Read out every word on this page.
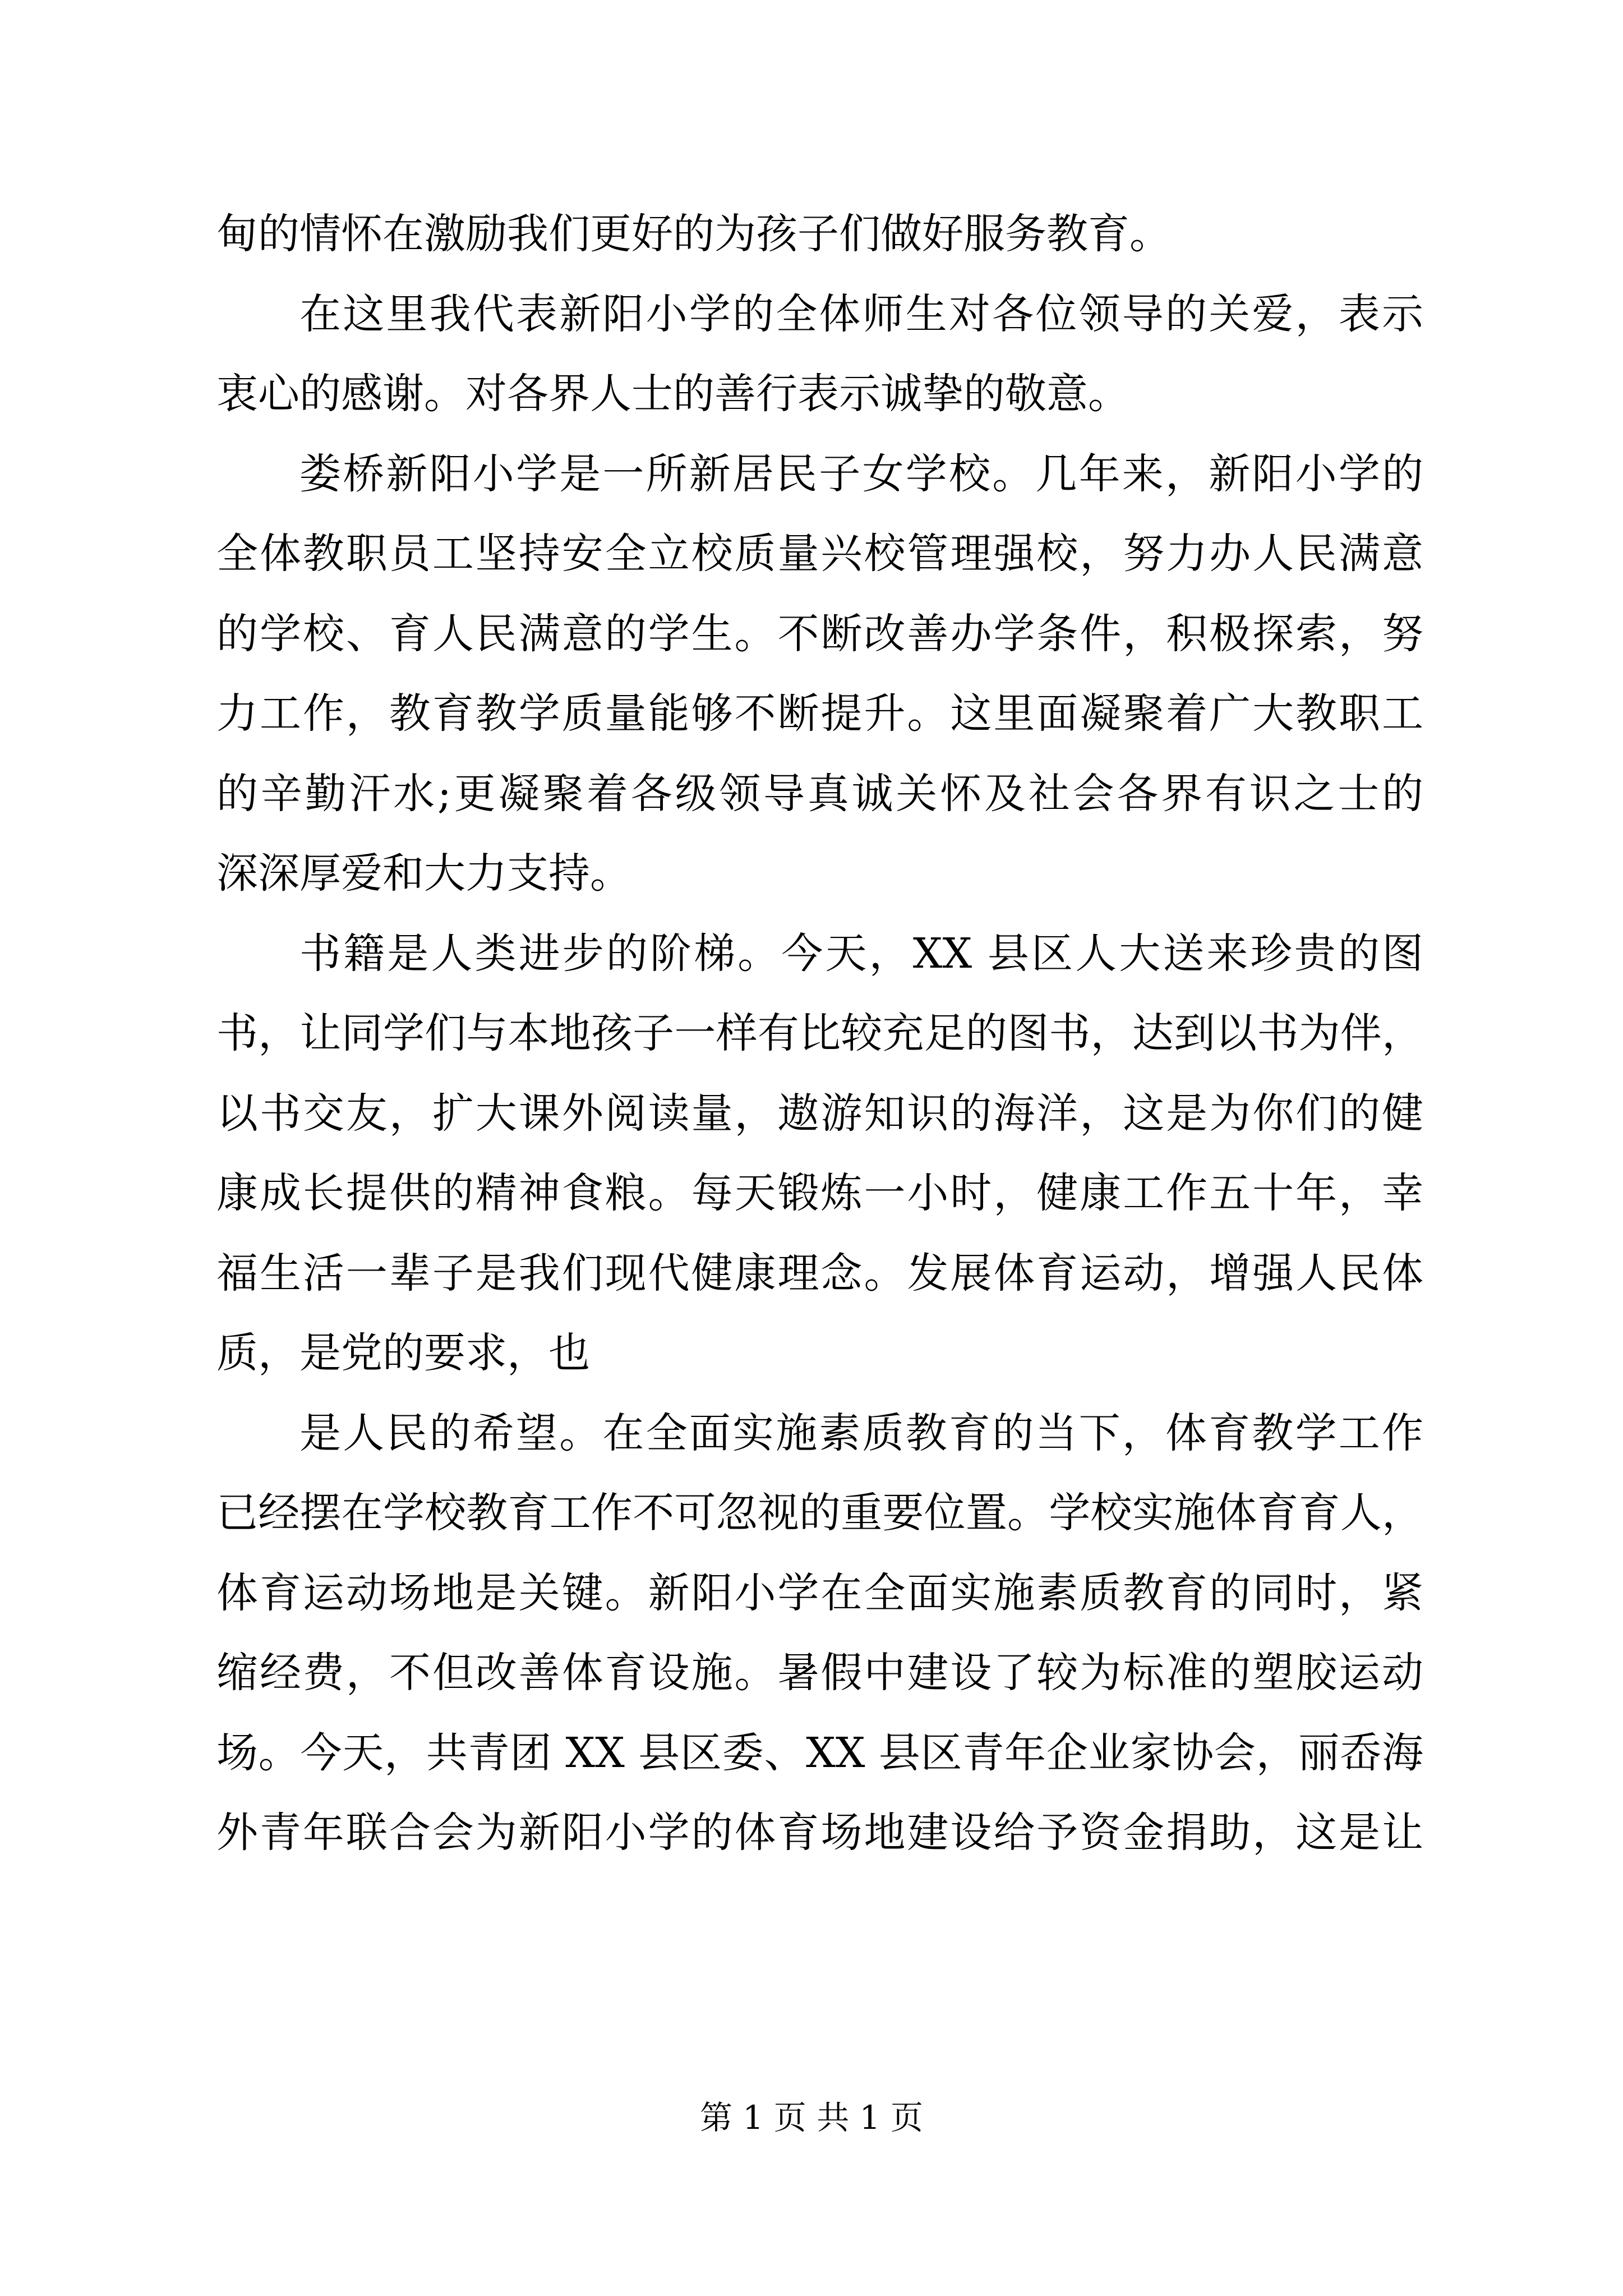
甸的情怀在激励我们更好的为孩子们做好服务教育。
在这里我代表新阳小学的全体师生对各位领导的关爱，表示
衷心的感谢。对各界人士的善行表示诚挚的敬意。
娄桥新阳小学是一所新居民子女学校。几年来，新阳小学的
全体教职员工坚持安全立校质量兴校管理强校，努力办人民满意
的学校、育人民满意的学生。不断改善办学条件，积极探索，努
力工作，教育教学质量能够不断提升。这里面凝聚着广大教职工
的辛勤汗水;更凝聚着各级领导真诚关怀及社会各界有识之士的
深深厚爱和大力支持。
书籍是人类进步的阶梯。今天，XX 县区人大送来珍贵的图
书，让同学们与本地孩子一样有比较充足的图书，达到以书为伴，
以书交友，扩大课外阅读量，遨游知识的海洋，这是为你们的健
康成长提供的精神食粮。每天锻炼一小时，健康工作五十年，幸
福生活一辈子是我们现代健康理念。发展体育运动，增强人民体
质，是党的要求，也
是人民的希望。在全面实施素质教育的当下，体育教学工作
已经摆在学校教育工作不可忽视的重要位置。学校实施体育育人，
体育运动场地是关键。新阳小学在全面实施素质教育的同时，紧
缩经费，不但改善体育设施。暑假中建设了较为标准的塑胶运动
场。今天，共青团 XX 县区委、XX 县区青年企业家协会，丽岙海
外青年联合会为新阳小学的体育场地建设给予资金捐助，这是让
第 1 页 共 1 页
